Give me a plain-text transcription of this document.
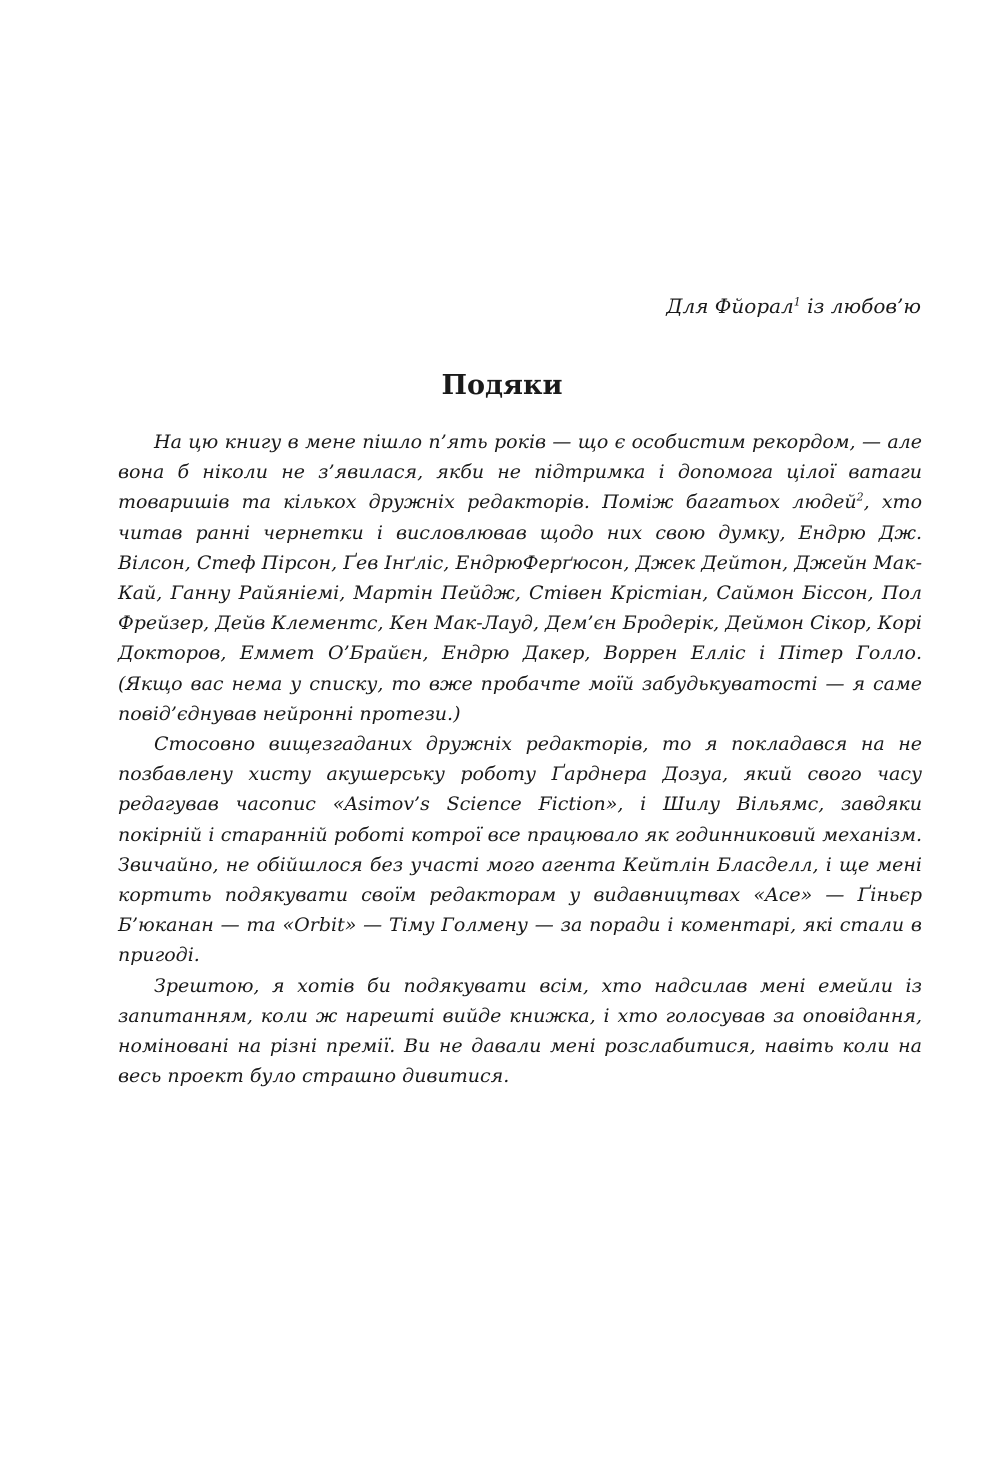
Для Фйорал$^1$ із любов’ю
Подяки

На цю книгу в мене пішло п’ять років — що є особистим рекордом, — але вона б ніколи не з’явилася, якби не підтримка і допомога цілої ватаги товаришів та кількох дружніх редакторів. Поміж багатьох людей$^2$, хто читав ранні чернетки і висловлював щодо них свою думку, Ендрю Дж. Вілсон, Стеф Пірсон, Ґев Інґліс, ЕндрюФерґюсон, Джек Дейтон, Джейн Мак-Кай, Ганну Райяніемі, Мартін Пейдж, Стівен Крістіан, Саймон Біссон, Пол Фрейзер, Дейв Клементс, Кен Мак-Лауд, Дем’єн Бродерік, Деймон Сікор, Корі Докторов, Еммет О’Брайєн, Ендрю Дакер, Воррен Елліс і Пітер Голло. (Якщо вас нема у списку, то вже пробачте моїй забудькуватості — я саме повід’єднував нейронні протези.)

Стосовно вищезгаданих дружніх редакторів, то я покладався на не позбавлену хисту акушерську роботу Ґарднера Дозуа, який свого часу редагував часопис «Asimov’s Science Fiction», і Шилу Вільямс, завдяки покірній і старанній роботі котрої все працювало як годинниковий механізм. Звичайно, не обійшлося без участі мого агента Кейтлін Бласделл, і ще мені кортить подякувати своїм редакторам у видавництвах «Ace» — Ґіньєр Б’юканан — та «Orbit» — Тіму Голмену — за поради і коментарі, які стали в пригоді.

Зрештою, я хотів би подякувати всім, хто надсилав мені емейли із запитанням, коли ж нарешті вийде книжка, і хто голосував за оповідання, номіновані на різні премії. Ви не давали мені розслабитися, навіть коли на весь проект було страшно дивитися.
